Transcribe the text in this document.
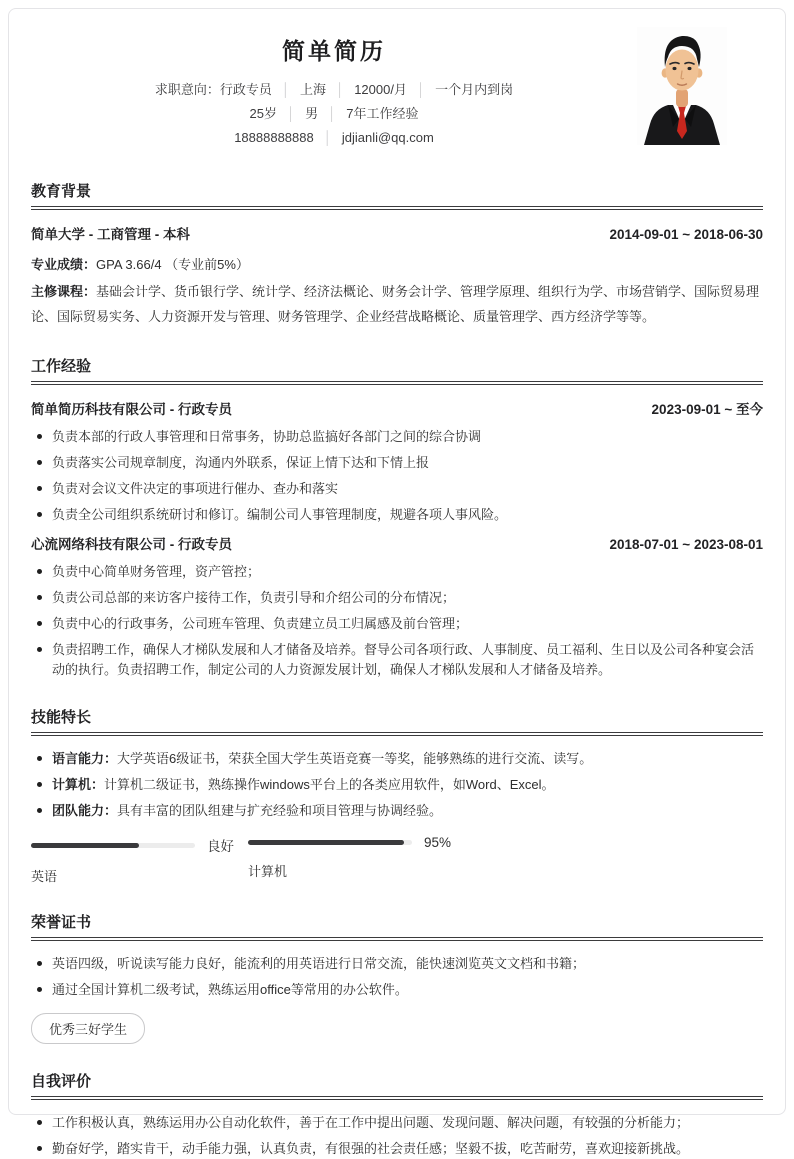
简单简历
求职意向：行政专员 │ 上海 │ 12000/月 │ 一个月内到岗
25岁 │ 男 │ 7年工作经验
18888888888 │ jdjianli@qq.com
教育背景
简单大学 - 工商管理 - 本科	2014-09-01 ~ 2018-06-30

专业成绩：GPA 3.66/4 （专业前5%）

主修课程：基础会计学、货币银行学、统计学、经济法概论、财务会计学、管理学原理、组织行为学、市场营销学、国际贸易理论、国际贸易实务、人力资源开发与管理、财务管理学、企业经营战略概论、质量管理学、西方经济学等等。

工作经验
简单简历科技有限公司 - 行政专员	2023-09-01 ~ 至今
负责本部的行政人事管理和日常事务，协助总监搞好各部门之间的综合协调
负责落实公司规章制度，沟通内外联系，保证上情下达和下情上报
负责对会议文件决定的事项进行催办、查办和落实
负责全公司组织系统研讨和修订。编制公司人事管理制度，规避各项人事风险。
心流网络科技有限公司 - 行政专员	2018-07-01 ~ 2023-08-01
负责中心简单财务管理，资产管控；
负责公司总部的来访客户接待工作，负责引导和介绍公司的分布情况；
负责中心的行政事务，公司班车管理、负责建立员工归属感及前台管理；
负责招聘工作，确保人才梯队发展和人才储备及培养。督导公司各项行政、人事制度、员工福利、生日以及公司各种宴会活动的执行。负责招聘工作，制定公司的人力资源发展计划，确保人才梯队发展和人才储备及培养。
技能特长
语言能力：大学英语6级证书，荣获全国大学生英语竞赛一等奖，能够熟练的进行交流、读写。
计算机：计算机二级证书，熟练操作windows平台上的各类应用软件，如Word、Excel。
团队能力：具有丰富的团队组建与扩充经验和项目管理与协调经验。
良好
英语
95%
计算机
荣誉证书
英语四级，听说读写能力良好，能流利的用英语进行日常交流，能快速浏览英文文档和书籍；
通过全国计算机二级考试，熟练运用office等常用的办公软件。
优秀三好学生
自我评价
工作积极认真，熟练运用办公自动化软件，善于在工作中提出问题、发现问题、解决问题，有较强的分析能力；
勤奋好学，踏实肯干，动手能力强，认真负责，有很强的社会责任感；坚毅不拔，吃苦耐劳，喜欢迎接新挑战。
